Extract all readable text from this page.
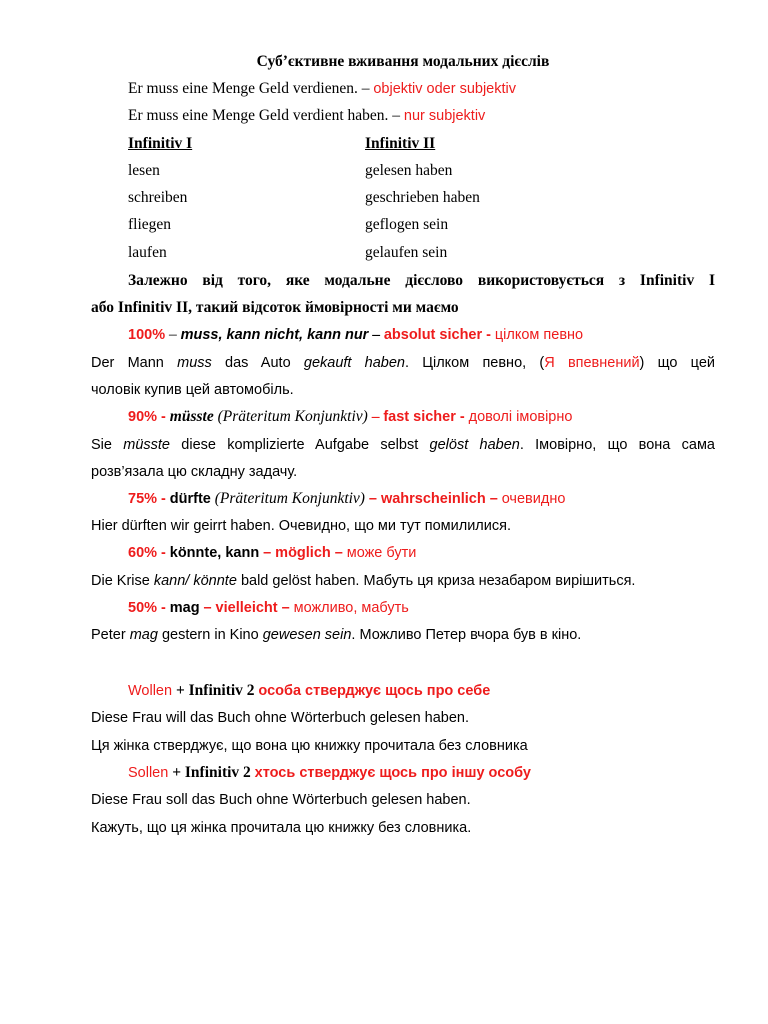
Суб’єктивне вживання модальних дієслів
Er muss eine Menge Geld verdienen. – objektiv oder subjektiv
Er muss eine Menge Geld verdient haben. – nur subjektiv
Infinitiv I	Infinitiv II
lesen	gelesen haben
schreiben	geschrieben haben
fliegen	geflogen sein
laufen	gelaufen sein
Залежно від того, яке модальне дієслово використовується з Infinitiv I
або Infinitiv II, такий відсоток ймовірності ми маємо
100% – muss, kann nicht, kann nur – absolut sicher - цілком певно
Der Mann muss das Auto gekauft haben. Цілком певно, (Я впевнений) що цей
чоловік купив цей автомобіль.
90% - müsste (Präteritum Konjunktiv) – fast sicher - доволі імовірно
Sie müsste diese komplizierte Aufgabe selbst gelöst haben. Імовірно, що вона сама
розв’язала цю складну задачу.
75% - dürfte (Präteritum Konjunktiv) – wahrscheinlich – очевидно
Hier dürften wir geirrt haben. Очевидно, що ми тут помилилися.
60% - könnte, kann – möglich – може бути
Die Krise kann/ könnte bald gelöst haben. Мабуть ця криза незабаром вирішиться.
50% - mag – vielleicht – можливо, мабуть
Peter mag gestern in Kino gewesen sein. Можливо Петер вчора був в кіно.
Wollen + Infinitiv 2 особа стверджує щось про себе
Diese Frau will das Buch ohne Wörterbuch gelesen haben.
Ця жінка стверджує, що вона цю книжку прочитала без словника
Sollen + Infinitiv 2 хтось стверджує щось про іншу особу
Diese Frau soll das Buch ohne Wörterbuch gelesen haben.
Кажуть, що ця жінка прочитала цю книжку без словника.
